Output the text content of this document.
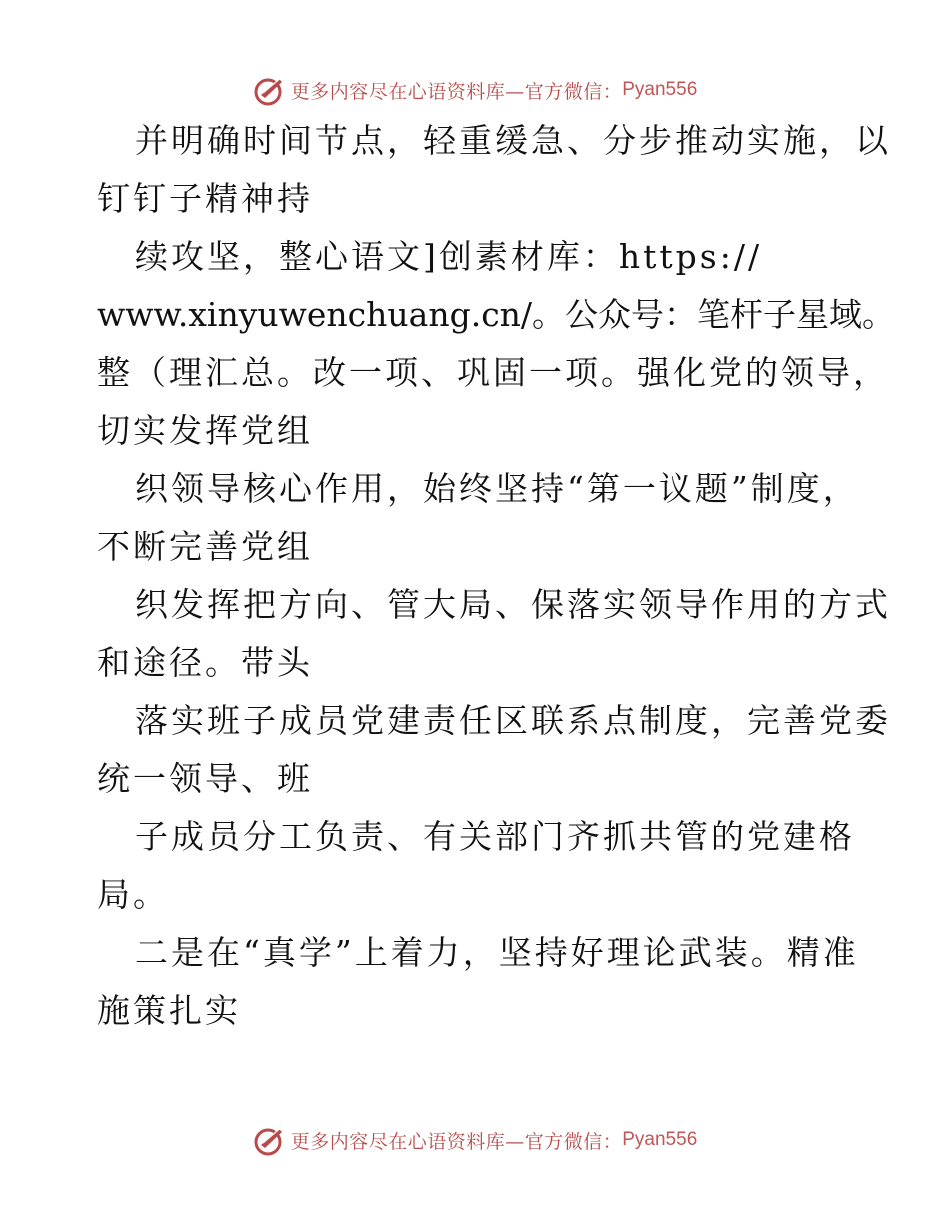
更多内容尽在心语资料库—官方微信： Pyan556
并明确时间节点，轻重缓急、分步推动实施，以
钉钉子精神持
续攻坚，整心语文]创素材库：https://
www.xinyuwenchuang.cn/。公众号：笔杆子星域。
整（理汇总。改一项、巩固一项。强化党的领导，
切实发挥党组
织领导核心作用，始终坚持“第一议题”制度，
不断完善党组
织发挥把方向、管大局、保落实领导作用的方式
和途径。带头
落实班子成员党建责任区联系点制度，完善党委
统一领导、班
子成员分工负责、有关部门齐抓共管的党建格
局。
二是在“真学”上着力，坚持好理论武装。精准
施策扎实
更多内容尽在心语资料库—官方微信： Pyan556
